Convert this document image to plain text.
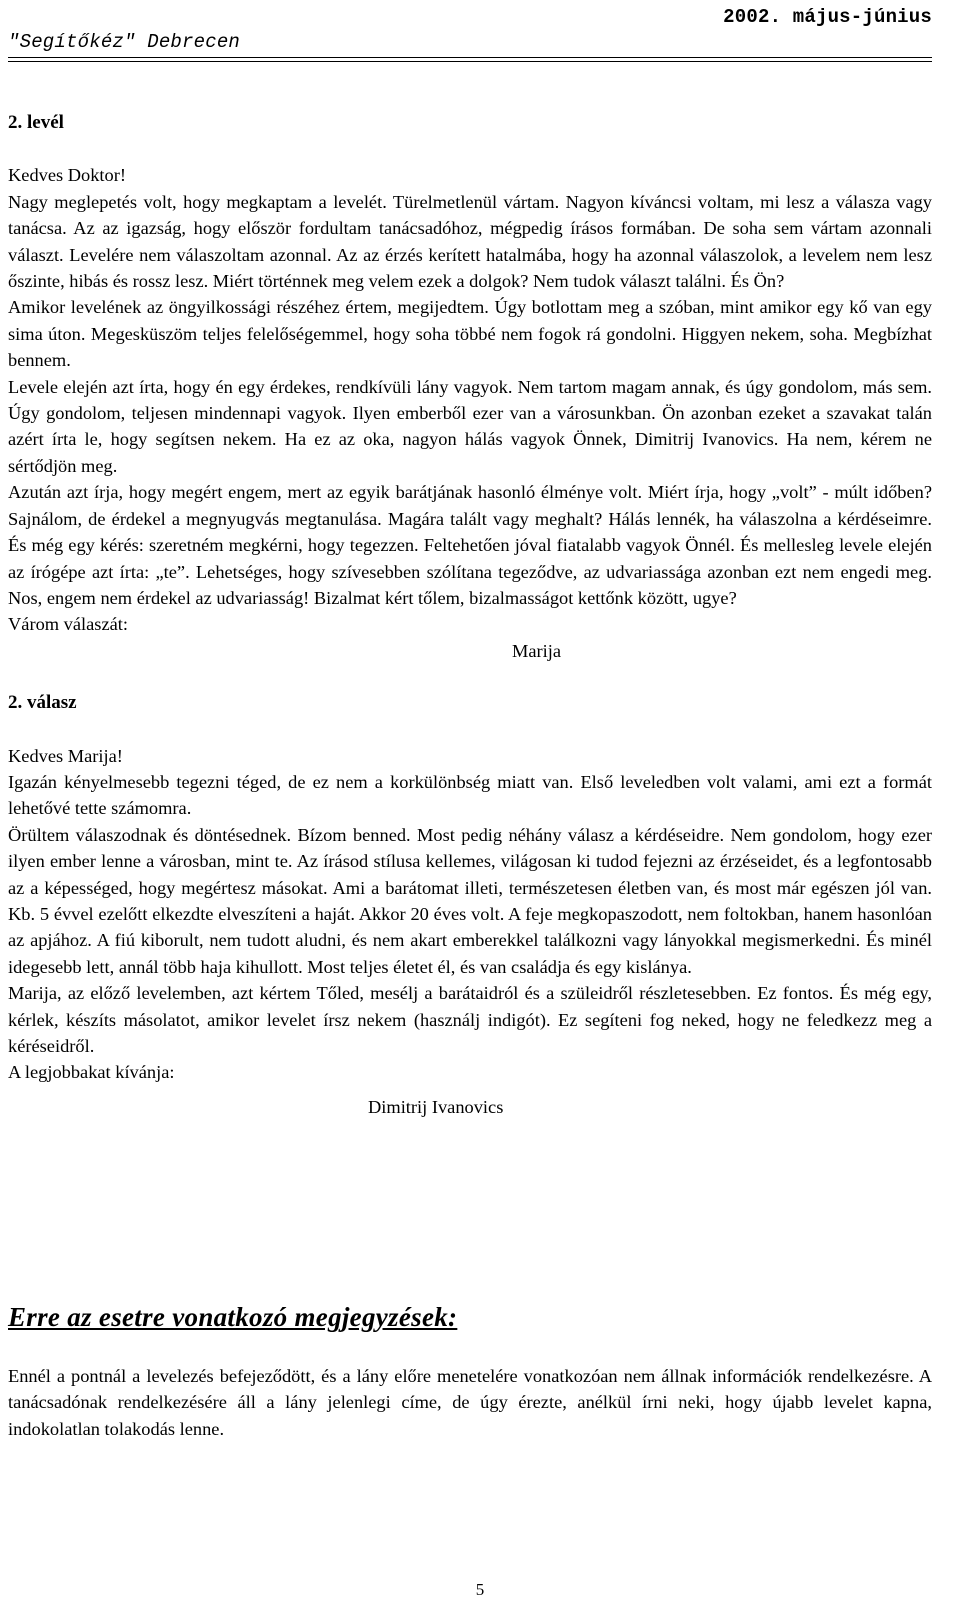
2002. május-június
"Segítőkéz" Debrecen

2. levél

Kedves Doktor!

Nagy meglepetés volt, hogy megkaptam a levelét. Türelmetlenül vártam. Nagyon kíváncsi voltam, mi lesz a válasza vagy tanácsa. Az az igazság, hogy először fordultam tanácsadóhoz, mégpedig írásos formában. De soha sem vártam azonnali választ. Levelére nem válaszoltam azonnal. Az az érzés kerített hatalmába, hogy ha azonnal válaszolok, a levelem nem lesz őszinte, hibás és rossz lesz. Miért történnek meg velem ezek a dolgok? Nem tudok választ találni. És Ön?

Amikor levelének az öngyilkossági részéhez értem, megijedtem. Úgy botlottam meg a szóban, mint amikor egy kő van egy sima úton. Megesküszöm teljes felelőségemmel, hogy soha többé nem fogok rá gondolni. Higgyen nekem, soha. Megbízhat bennem.

Levele elején azt írta, hogy én egy érdekes, rendkívüli lány vagyok. Nem tartom magam annak, és úgy gondolom, más sem. Úgy gondolom, teljesen mindennapi vagyok. Ilyen emberből ezer van a városunkban. Ön azonban ezeket a szavakat talán azért írta le, hogy segítsen nekem. Ha ez az oka, nagyon hálás vagyok Önnek, Dimitrij Ivanovics. Ha nem, kérem ne sértődjön meg.

Azután azt írja, hogy megért engem, mert az egyik barátjának hasonló élménye volt. Miért írja, hogy „volt” - múlt időben? Sajnálom, de érdekel a megnyugvás megtanulása. Magára talált vagy meghalt? Hálás lennék, ha válaszolna a kérdéseimre. És még egy kérés: szeretném megkérni, hogy tegezzen. Feltehetően jóval fiatalabb vagyok Önnél. És mellesleg levele elején az írógépe azt írta: „te”. Lehetséges, hogy szívesebben szólítana tegeződve, az udvariassága azonban ezt nem engedi meg. Nos, engem nem érdekel az udvariasság! Bizalmat kért tőlem, bizalmasságot kettőnk között, ugye?

Várom válaszát:

Marija

2. válasz

Kedves Marija!

Igazán kényelmesebb tegezni téged, de ez nem a korkülönbség miatt van. Első leveledben volt valami, ami ezt a formát lehetővé tette számomra.

Örültem válaszodnak és döntésednek. Bízom benned. Most pedig néhány válasz a kérdéseidre. Nem gondolom, hogy ezer ilyen ember lenne a városban, mint te. Az írásod stílusa kellemes, világosan ki tudod fejezni az érzéseidet, és a legfontosabb az a képességed, hogy megértesz másokat. Ami a barátomat illeti, természetesen életben van, és most már egészen jól van. Kb. 5 évvel ezelőtt elkezdte elveszíteni a haját. Akkor 20 éves volt. A feje megkopaszodott, nem foltokban, hanem hasonlóan az apjához. A fiú kiborult, nem tudott aludni, és nem akart emberekkel találkozni vagy lányokkal megismerkedni. És minél idegesebb lett, annál több haja kihullott. Most teljes életet él, és van családja és egy kislánya.

Marija, az előző levelemben, azt kértem Tőled, mesélj a barátaidról és a szüleidről részletesebben. Ez fontos. És még egy, kérlek, készíts másolatot, amikor levelet írsz nekem (használj indigót). Ez segíteni fog neked, hogy ne feledkezz meg a kéréseidről.

A legjobbakat kívánja:

Dimitrij Ivanovics

Erre az esetre vonatkozó megjegyzések:

Ennél a pontnál a levelezés befejeződött, és a lány előre menetelére vonatkozóan nem állnak információk rendelkezésre. A tanácsadónak rendelkezésére áll a lány jelenlegi címe, de úgy érezte, anélkül írni neki, hogy újabb levelet kapna, indokolatlan tolakodás lenne.

5
